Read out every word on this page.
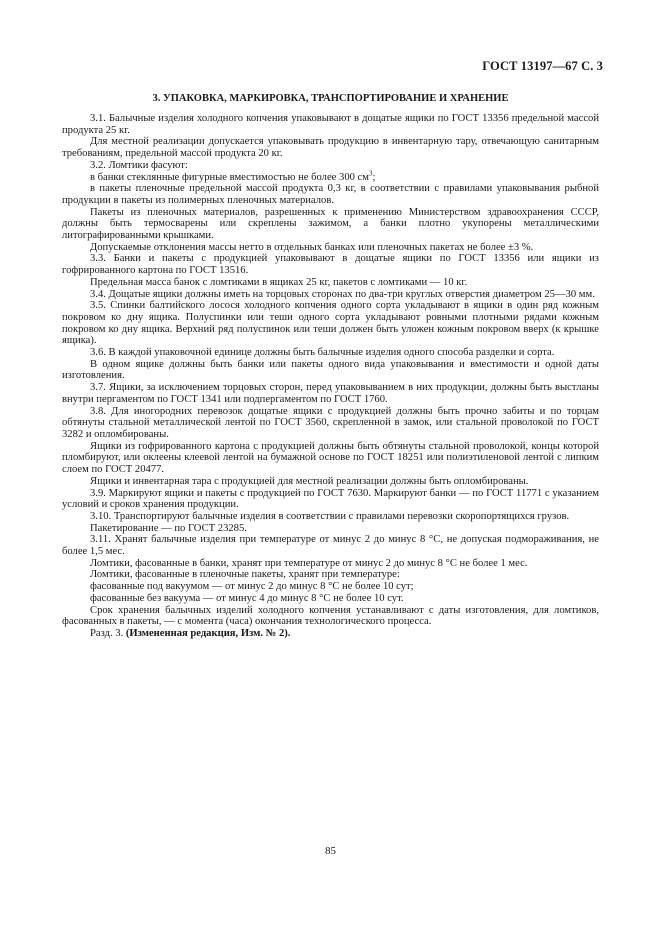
ГОСТ 13197—67 С. 3
3. УПАКОВКА, МАРКИРОВКА, ТРАНСПОРТИРОВАНИЕ И ХРАНЕНИЕ

3.1. Балычные изделия холодного копчения упаковывают в дощатые ящики по ГОСТ 13356 предельной массой продукта 25 кг.

Для местной реализации допускается упаковывать продукцию в инвентарную тару, отвечающую санитарным требованиям, предельной массой продукта 20 кг.

3.2. Ломтики фасуют:

в банки стеклянные фигурные вместимостью не более 300 $см^3$;

в пакеты пленочные предельной массой продукта 0,3 кг, в соответствии с правилами упаковывания рыбной продукции в пакеты из полимерных пленочных материалов.

Пакеты из пленочных материалов, разрешенных к применению Министерством здравоохранения СССР, должны быть термосварены или скреплены зажимом, а банки плотно укупорены металлическими литографированными крышками.

Допускаемые отклонения массы нетто в отдельных банках или пленочных пакетах не более ±3 %.

3.3. Банки и пакеты с продукцией упаковывают в дощатые ящики по ГОСТ 13356 или ящики из гофрированного картона по ГОСТ 13516.

Предельная масса банок с ломтиками в ящиках 25 кг, пакетов с ломтиками — 10 кг.

3.4. Дощатые ящики должны иметь на торцовых сторонах по два-три круглых отверстия диаметром 25—30 мм.

3.5. Спинки балтийского лосося холодного копчения одного сорта укладывают в ящики в один ряд кожным покровом ко дну ящика. Полуспинки или теши одного сорта укладывают ровными плотными рядами кожным покровом ко дну ящика. Верхний ряд полуспинок или теши должен быть уложен кожным покровом вверх (к крышке ящика).

3.6. В каждой упаковочной единице должны быть балычные изделия одного способа разделки и сорта.

В одном ящике должны быть банки или пакеты одного вида упаковывания и вместимости и одной даты изготовления.

3.7. Ящики, за исключением торцовых сторон, перед упаковыванием в них продукции, должны быть выстланы внутри пергаментом по ГОСТ 1341 или подпергаментом по ГОСТ 1760.

3.8. Для иногородних перевозок дощатые ящики с продукцией должны быть прочно забиты и по торцам обтянуты стальной металлической лентой по ГОСТ 3560, скрепленной в замок, или стальной проволокой по ГОСТ 3282 и опломбированы.

Ящики из гофрированного картона с продукцией должны быть обтянуты стальной проволокой, концы которой пломбируют, или оклеены клеевой лентой на бумажной основе по ГОСТ 18251 или полиэтиленовой лентой с липким слоем по ГОСТ 20477.

Ящики и инвентарная тара с продукцией для местной реализации должны быть опломбированы.

3.9. Маркируют ящики и пакеты с продукцией по ГОСТ 7630. Маркируют банки — по ГОСТ 11771 с указанием условий и сроков хранения продукции.

3.10. Транспортируют балычные изделия в соответствии с правилами перевозки скоропортящихся грузов.

Пакетирование — по ГОСТ 23285.

3.11. Хранят балычные изделия при температуре от минус 2 до минус 8 °С, не допуская подмораживания, не более 1,5 мес.

Ломтики, фасованные в банки, хранят при температуре от минус 2 до минус 8 °С не более 1 мес.

Ломтики, фасованные в пленочные пакеты, хранят при температуре:

фасованные под вакуумом — от минус 2 до минус 8 °С не более 10 сут;

фасованные без вакуума — от минус 4 до минус 8 °С не более 10 сут.

Срок хранения балычных изделий холодного копчения устанавливают с даты изготовления, для ломтиков, фасованных в пакеты, — с момента (часа) окончания технологического процесса.

Разд. 3. (Измененная редакция, Изм. № 2).

85
